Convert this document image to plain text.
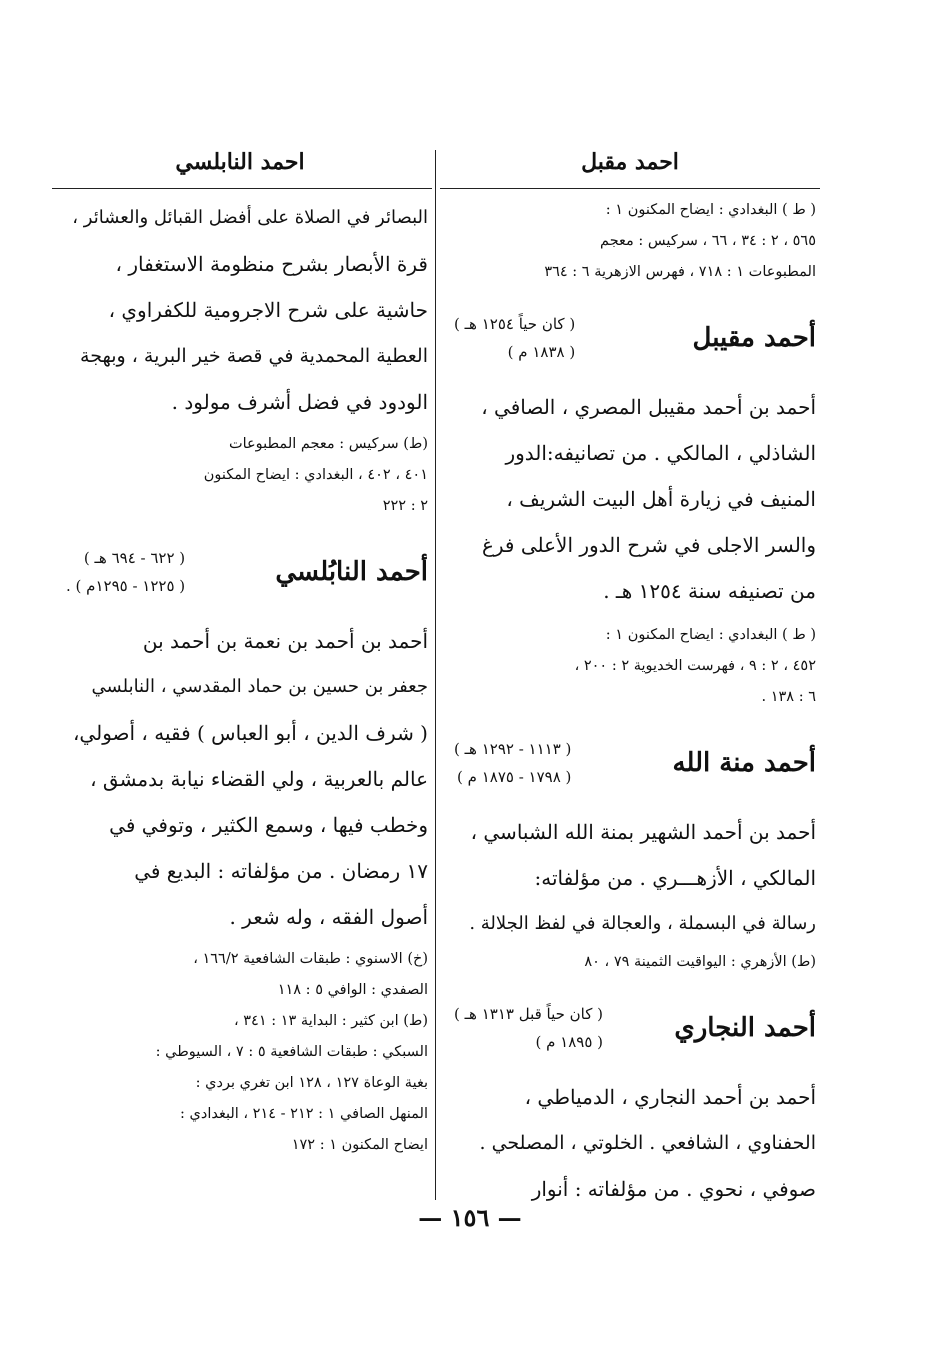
احمد مقبل
احمد النابلسي

( ط ) البغدادي : ايضاح المكنون ١ :

٥٦٥ ، ٢ : ٣٤ ، ٦٦ ، سركيس : معجم

المطبوعات ١ : ٧١٨ ، فهرس الازهرية ٦ : ٣٦٤

أحمد مقيبل
( كان حياً ١٢٥٤ هـ )
( ١٨٣٨ م )

أحمد بن أحمد مقيبل المصري ، الصافي ،

الشاذلي ، المالكي . من تصانيفه:الدور

المنيف في زيارة أهل البيت الشريف ،

والسر الاجلى في شرح الدور الأعلى فرغ

من تصنيفه سنة ١٢٥٤ هـ .

( ط ) البغدادي : ايضاح المكنون ١ :

٤٥٢ ، ٢ : ٩ ، فهرست الخديوية ٢ : ٢٠٠ ،

٦ : ١٣٨ .

أحمد منة الله
( ١١١٣ - ١٢٩٢ هـ )
( ١٧٩٨ - ١٨٧٥ م )

أحمد بن أحمد الشهير بمنة الله الشباسي ،

المالكي ، الأزهـــري . من مؤلفاته:

رسالة في البسملة ، والعجالة في لفظ الجلالة .

(ط) الأزهري : اليواقيت الثمينة ٧٩ ، ٨٠

أحمد النجاري
( كان حياً قبل ١٣١٣ هـ )
( ١٨٩٥ م )

أحمد بن أحمد النجاري ، الدمياطي ،

الحفناوي ، الشافعي . الخلوتي ، المصلحي .

صوفي ، نحوي . من مؤلفاته : أنوار

البصائر في الصلاة على أفضل القبائل والعشائر ،

قرة الأبصار بشرح منظومة الاستغفار ،

حاشية على شرح الاجرومية للكفراوي ،

العطية المحمدية في قصة خير البرية ، وبهجة

الودود في فضل أشرف مولود .

(ط) سركيس : معجم المطبوعات

٤٠١ ، ٤٠٢ ، البغدادي : ايضاح المكنون

٢ : ٢٢٢

أحمد النابُلسي
( ٦٢٢ - ٦٩٤ هـ )
( ١٢٢٥ - ١٢٩٥م ) .

أحمد بن أحمد بن نعمة بن أحمد بن

جعفر بن حسين بن حماد المقدسي ، النابلسي

( شرف الدين ، أبو العباس ) فقيه ، أصولي،

عالم بالعربية ، ولي القضاء نيابة بدمشق ،

وخطب فيها ، وسمع الكثير ، وتوفي في

١٧ رمضان . من مؤلفاته : البديع في

أصول الفقه ، وله شعر .

(خ) الاسنوي : طبقات الشافعية ١٦٦/٢ ،

الصفدي : الوافي ٥ : ١١٨

(ط) ابن كثير : البداية ١٣ : ٣٤١ ،

السبكي : طبقات الشافعية ٥ : ٧ ، السيوطي :

بغية الوعاة ١٢٧ ، ١٢٨ ابن تغري بردي :

المنهل الصافي ١ : ٢١٢ - ٢١٤ ، البغدادي :

ايضاح المكنون ١ : ١٧٢

— ١٥٦ —
